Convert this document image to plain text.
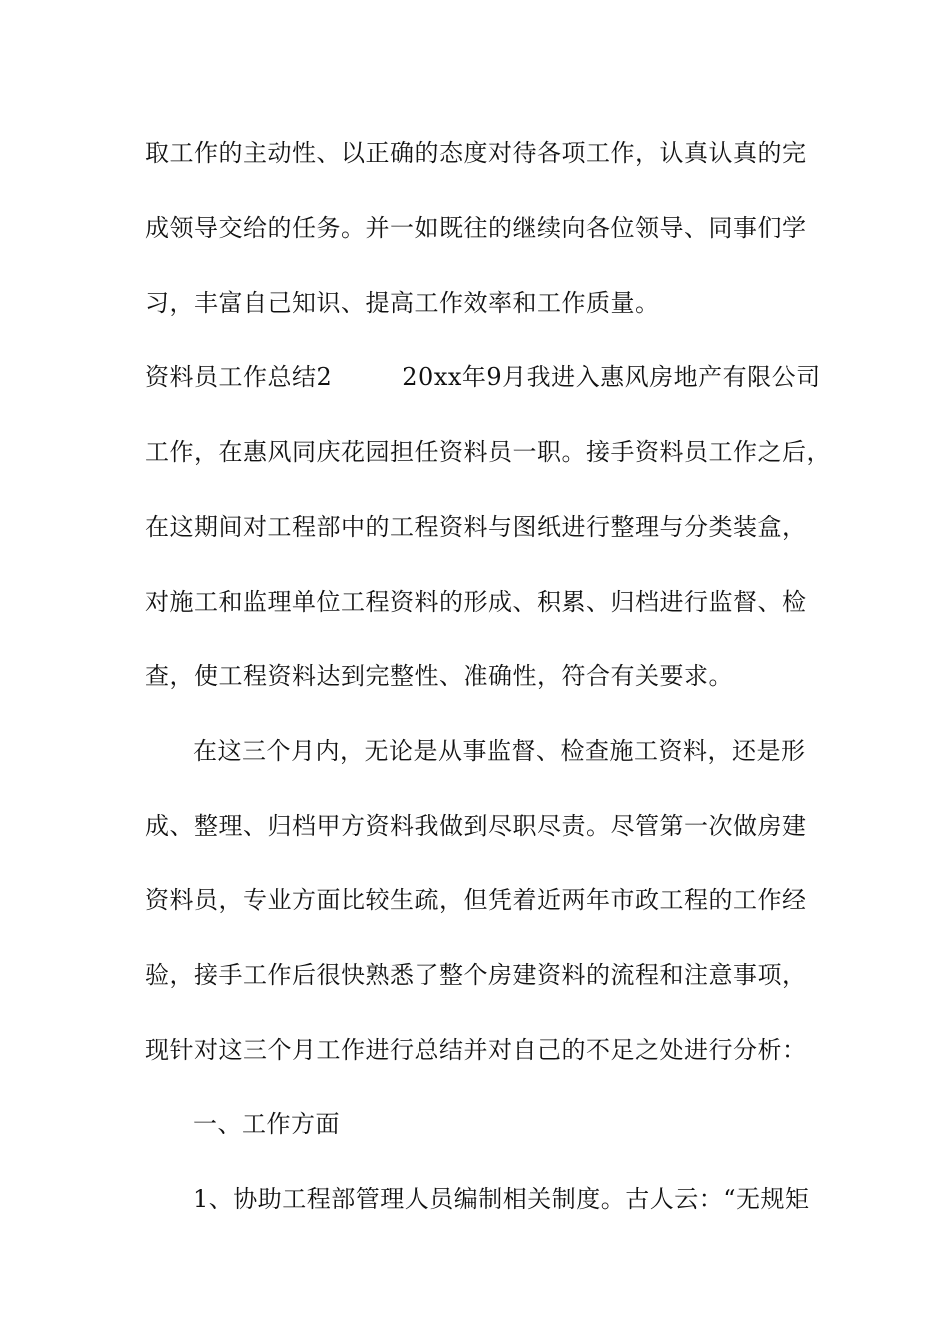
取工作的主动性、以正确的态度对待各项工作，认真认真的完
成领导交给的任务。并一如既往的继续向各位领导、同事们学
习，丰富自己知识、提高工作效率和工作质量。
资料员工作总结2	20xx年9月我进入惠风房地产有限公司
工作，在惠风同庆花园担任资料员一职。接手资料员工作之后，
在这期间对工程部中的工程资料与图纸进行整理与分类装盒，
对施工和监理单位工程资料的形成、积累、归档进行监督、检
查，使工程资料达到完整性、准确性，符合有关要求。
在这三个月内，无论是从事监督、检查施工资料，还是形
成、整理、归档甲方资料我做到尽职尽责。尽管第一次做房建
资料员，专业方面比较生疏，但凭着近两年市政工程的工作经
验，接手工作后很快熟悉了整个房建资料的流程和注意事项，
现针对这三个月工作进行总结并对自己的不足之处进行分析：
一、工作方面
1、协助工程部管理人员编制相关制度。古人云：“无规矩
